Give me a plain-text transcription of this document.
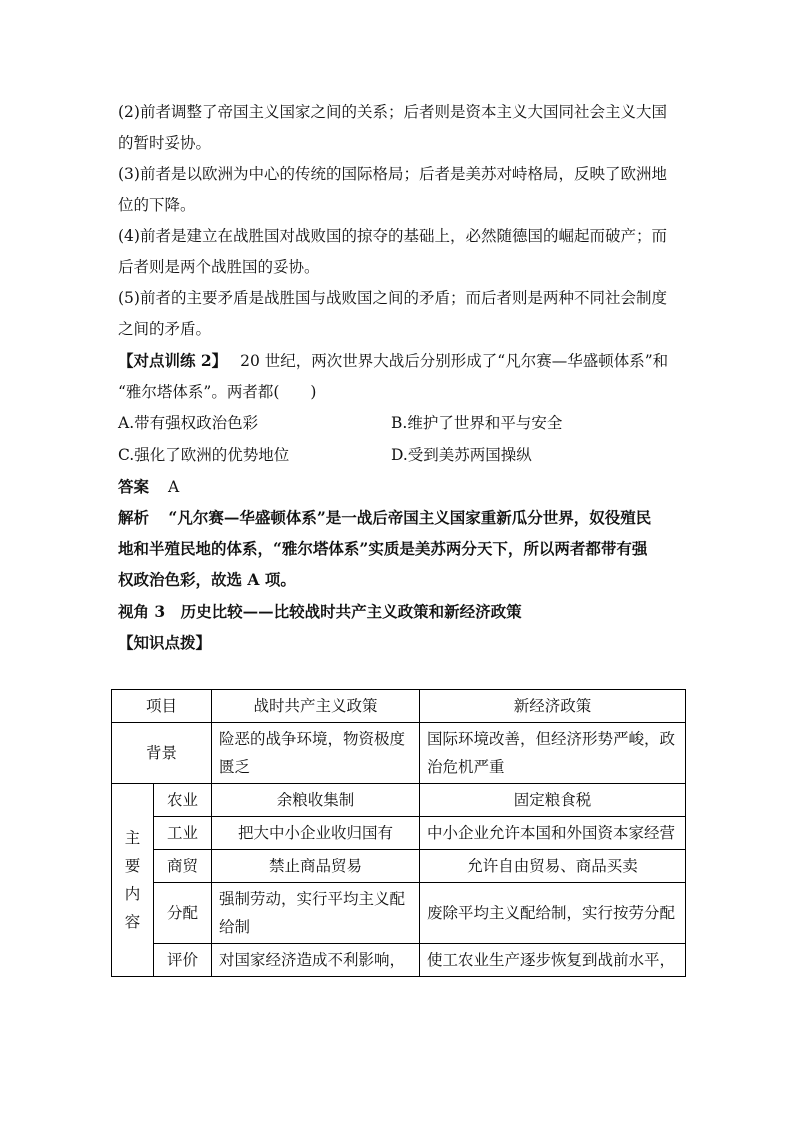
(2)前者调整了帝国主义国家之间的关系；后者则是资本主义大国同社会主义大国
的暂时妥协。
(3)前者是以欧洲为中心的传统的国际格局；后者是美苏对峙格局，反映了欧洲地
位的下降。
(4)前者是建立在战胜国对战败国的掠夺的基础上，必然随德国的崛起而破产；而
后者则是两个战胜国的妥协。
(5)前者的主要矛盾是战胜国与战败国之间的矛盾；而后者则是两种不同社会制度
之间的矛盾。
【对点训练 2】 20 世纪，两次世界大战后分别形成了“凡尔赛—华盛顿体系”和
“雅尔塔体系”。两者都(　　)
A.带有强权政治色彩	B.维护了世界和平与安全
C.强化了欧洲的优势地位	D.受到美苏两国操纵
答案 A
解析 “凡尔赛—华盛顿体系”是一战后帝国主义国家重新瓜分世界，奴役殖民
地和半殖民地的体系，“雅尔塔体系”实质是美苏两分天下，所以两者都带有强
权政治色彩，故选 A 项。
视角 3　历史比较——比较战时共产主义政策和新经济政策
【知识点拨】
项目		战时共产主义政策	新经济政策
背景		险恶的战争环境，物资极度匮乏	国际环境改善，但经济形势严峻，政治危机严重

主
要
内
容	农业	余粮收集制	固定粮食税
	工业	把大中小企业收归国有	中小企业允许本国和外国资本家经营
	商贸	禁止商品贸易	允许自由贸易、商品买卖
	分配	强制劳动，实行平均主义配给制	废除平均主义配给制，实行按劳分配
	评价	对国家经济造成不利影响，	使工农业生产逐步恢复到战前水平，
